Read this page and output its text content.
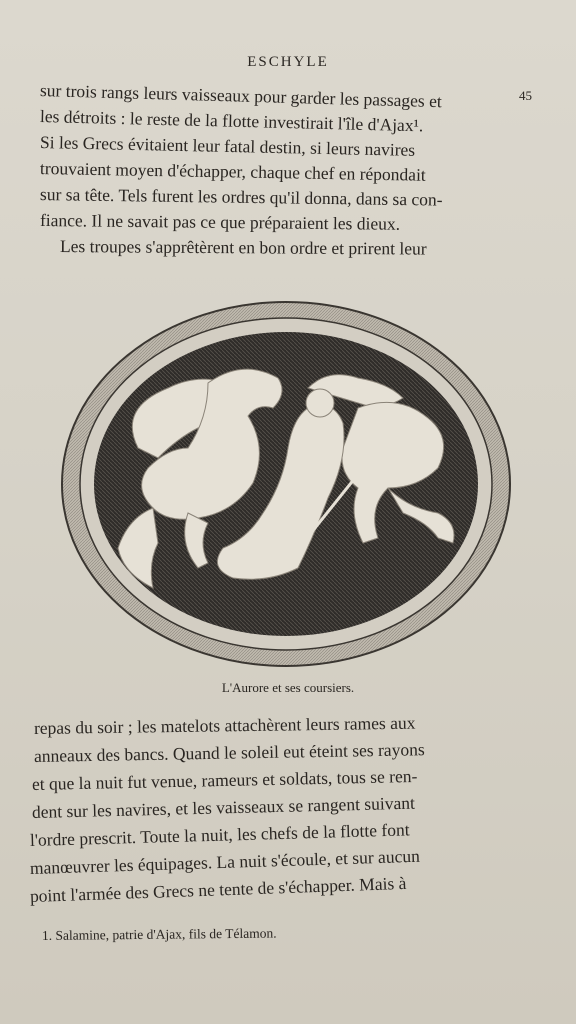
ESCHYLE
45
sur trois rangs leurs vaisseaux pour garder les passages et
les détroits : le reste de la flotte investirait l'île d'Ajax¹.
Si les Grecs évitaient leur fatal destin, si leurs navires
trouvaient moyen d'échapper, chaque chef en répondait
sur sa tête. Tels furent les ordres qu'il donna, dans sa con-
fiance. Il ne savait pas ce que préparaient les dieux.
Les troupes s'apprêtèrent en bon ordre et prirent leur
L'Aurore et ses coursiers.
repas du soir ; les matelots attachèrent leurs rames aux
anneaux des bancs. Quand le soleil eut éteint ses rayons
et que la nuit fut venue, rameurs et soldats, tous se ren-
dent sur les navires, et les vaisseaux se rangent suivant
l'ordre prescrit. Toute la nuit, les chefs de la flotte font
manœuvrer les équipages. La nuit s'écoule, et sur aucun
point l'armée des Grecs ne tente de s'échapper. Mais à
1. Salamine, patrie d'Ajax, fils de Télamon.
